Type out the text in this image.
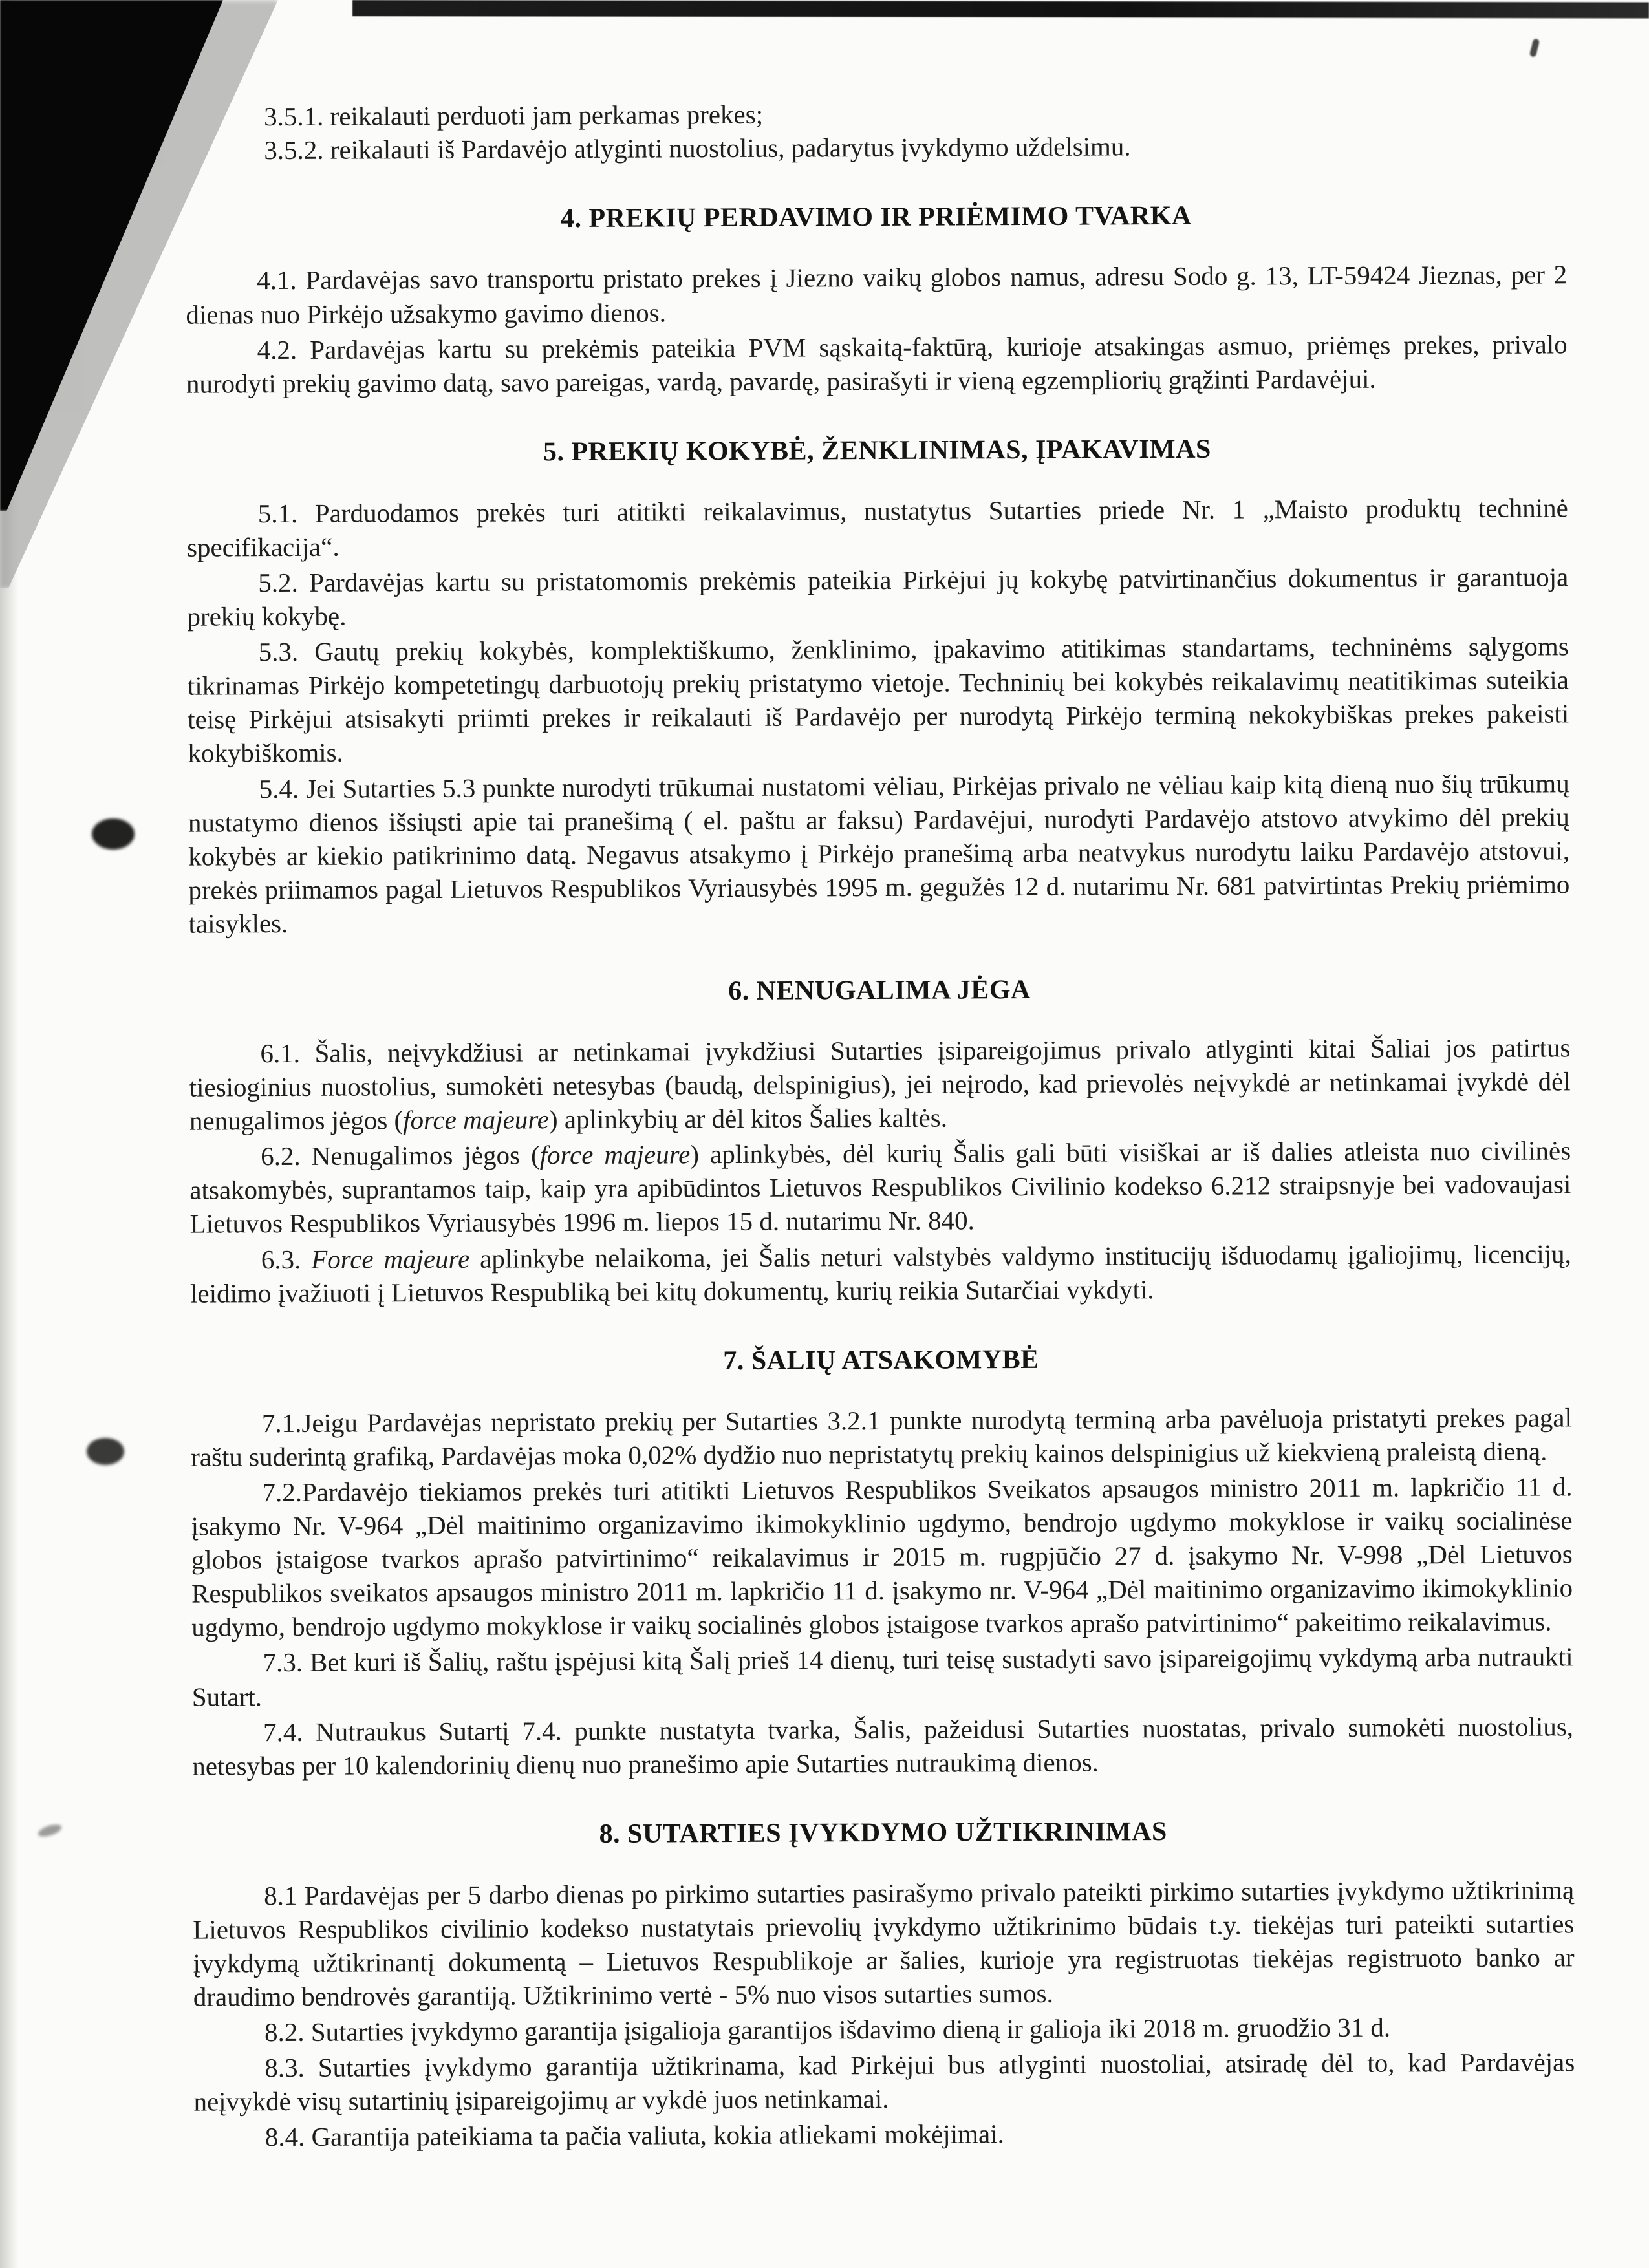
3.5.1. reikalauti perduoti jam perkamas prekes;

3.5.2. reikalauti iš Pardavėjo atlyginti nuostolius, padarytus įvykdymo uždelsimu.

4. PREKIŲ PERDAVIMO IR PRIĖMIMO TVARKA

4.1. Pardavėjas savo transportu pristato prekes į Jiezno vaikų globos namus, adresu Sodo g. 13, LT-59424 Jieznas, per 2 dienas nuo Pirkėjo užsakymo gavimo dienos.

4.2. Pardavėjas kartu su prekėmis pateikia PVM sąskaitą-faktūrą, kurioje atsakingas asmuo, priėmęs prekes, privalo nurodyti prekių gavimo datą, savo pareigas, vardą, pavardę, pasirašyti ir vieną egzempliorių grąžinti Pardavėjui.

5. PREKIŲ KOKYBĖ, ŽENKLINIMAS, ĮPAKAVIMAS

5.1. Parduodamos prekės turi atitikti reikalavimus, nustatytus Sutarties priede Nr. 1 „Maisto produktų techninė specifikacija“.

5.2. Pardavėjas kartu su pristatomomis prekėmis pateikia Pirkėjui jų kokybę patvirtinančius dokumentus ir garantuoja prekių kokybę.

5.3. Gautų prekių kokybės, komplektiškumo, ženklinimo, įpakavimo atitikimas standartams, techninėms sąlygoms tikrinamas Pirkėjo kompetetingų darbuotojų prekių pristatymo vietoje. Techninių bei kokybės reikalavimų neatitikimas suteikia teisę Pirkėjui atsisakyti priimti prekes ir reikalauti iš Pardavėjo per nurodytą Pirkėjo terminą nekokybiškas prekes pakeisti kokybiškomis.

5.4. Jei Sutarties 5.3 punkte nurodyti trūkumai nustatomi vėliau, Pirkėjas privalo ne vėliau kaip kitą dieną nuo šių trūkumų nustatymo dienos išsiųsti apie tai pranešimą ( el. paštu ar faksu) Pardavėjui, nurodyti Pardavėjo atstovo atvykimo dėl prekių kokybės ar kiekio patikrinimo datą. Negavus atsakymo į Pirkėjo pranešimą arba neatvykus nurodytu laiku Pardavėjo atstovui, prekės priimamos pagal Lietuvos Respublikos Vyriausybės 1995 m. gegužės 12 d. nutarimu Nr. 681 patvirtintas Prekių priėmimo taisykles.

6. NENUGALIMA JĖGA

6.1. Šalis, neįvykdžiusi ar netinkamai įvykdžiusi Sutarties įsipareigojimus privalo atlyginti kitai Šaliai jos patirtus tiesioginius nuostolius, sumokėti netesybas (baudą, delspinigius), jei neįrodo, kad prievolės neįvykdė ar netinkamai įvykdė dėl nenugalimos jėgos (force majeure) aplinkybių ar dėl kitos Šalies kaltės.

6.2. Nenugalimos jėgos (force majeure) aplinkybės, dėl kurių Šalis gali būti visiškai ar iš dalies atleista nuo civilinės atsakomybės, suprantamos taip, kaip yra apibūdintos Lietuvos Respublikos Civilinio kodekso 6.212 straipsnyje bei vadovaujasi Lietuvos Respublikos Vyriausybės 1996 m. liepos 15 d. nutarimu Nr. 840.

6.3. Force majeure aplinkybe nelaikoma, jei Šalis neturi valstybės valdymo institucijų išduodamų įgaliojimų, licencijų, leidimo įvažiuoti į Lietuvos Respubliką bei kitų dokumentų, kurių reikia Sutarčiai vykdyti.

7. ŠALIŲ ATSAKOMYBĖ

7.1.Jeigu Pardavėjas nepristato prekių per Sutarties 3.2.1 punkte nurodytą terminą arba pavėluoja pristatyti prekes pagal raštu suderintą grafiką, Pardavėjas moka 0,02% dydžio nuo nepristatytų prekių kainos delspinigius už kiekvieną praleistą dieną.

7.2.Pardavėjo tiekiamos prekės turi atitikti Lietuvos Respublikos Sveikatos apsaugos ministro 2011 m. lapkričio 11 d. įsakymo Nr. V-964 „Dėl maitinimo organizavimo ikimokyklinio ugdymo, bendrojo ugdymo mokyklose ir vaikų socialinėse globos įstaigose tvarkos aprašo patvirtinimo“ reikalavimus ir 2015 m. rugpjūčio 27 d. įsakymo Nr. V-998 „Dėl Lietuvos Respublikos sveikatos apsaugos ministro 2011 m. lapkričio 11 d. įsakymo nr. V-964 „Dėl maitinimo organizavimo ikimokyklinio ugdymo, bendrojo ugdymo mokyklose ir vaikų socialinės globos įstaigose tvarkos aprašo patvirtinimo“ pakeitimo reikalavimus.

7.3. Bet kuri iš Šalių, raštu įspėjusi kitą Šalį prieš 14 dienų, turi teisę sustadyti savo įsipareigojimų vykdymą arba nutraukti Sutart.

7.4. Nutraukus Sutartį 7.4. punkte nustatyta tvarka, Šalis, pažeidusi Sutarties nuostatas, privalo sumokėti nuostolius, netesybas per 10 kalendorinių dienų nuo pranešimo apie Sutarties nutraukimą dienos.

8. SUTARTIES ĮVYKDYMO UŽTIKRINIMAS

8.1 Pardavėjas per 5 darbo dienas po pirkimo sutarties pasirašymo privalo pateikti pirkimo sutarties įvykdymo užtikrinimą Lietuvos Respublikos civilinio kodekso nustatytais prievolių įvykdymo užtikrinimo būdais t.y. tiekėjas turi pateikti sutarties įvykdymą užtikrinantį dokumentą – Lietuvos Respublikoje ar šalies, kurioje yra registruotas tiekėjas registruoto banko ar draudimo bendrovės garantiją. Užtikrinimo vertė - 5% nuo visos sutarties sumos.

8.2. Sutarties įvykdymo garantija įsigalioja garantijos išdavimo dieną ir galioja iki 2018 m. gruodžio 31 d.

8.3. Sutarties įvykdymo garantija užtikrinama, kad Pirkėjui bus atlyginti nuostoliai, atsiradę dėl to, kad Pardavėjas neįvykdė visų sutartinių įsipareigojimų ar vykdė juos netinkamai.

8.4. Garantija pateikiama ta pačia valiuta, kokia atliekami mokėjimai.
